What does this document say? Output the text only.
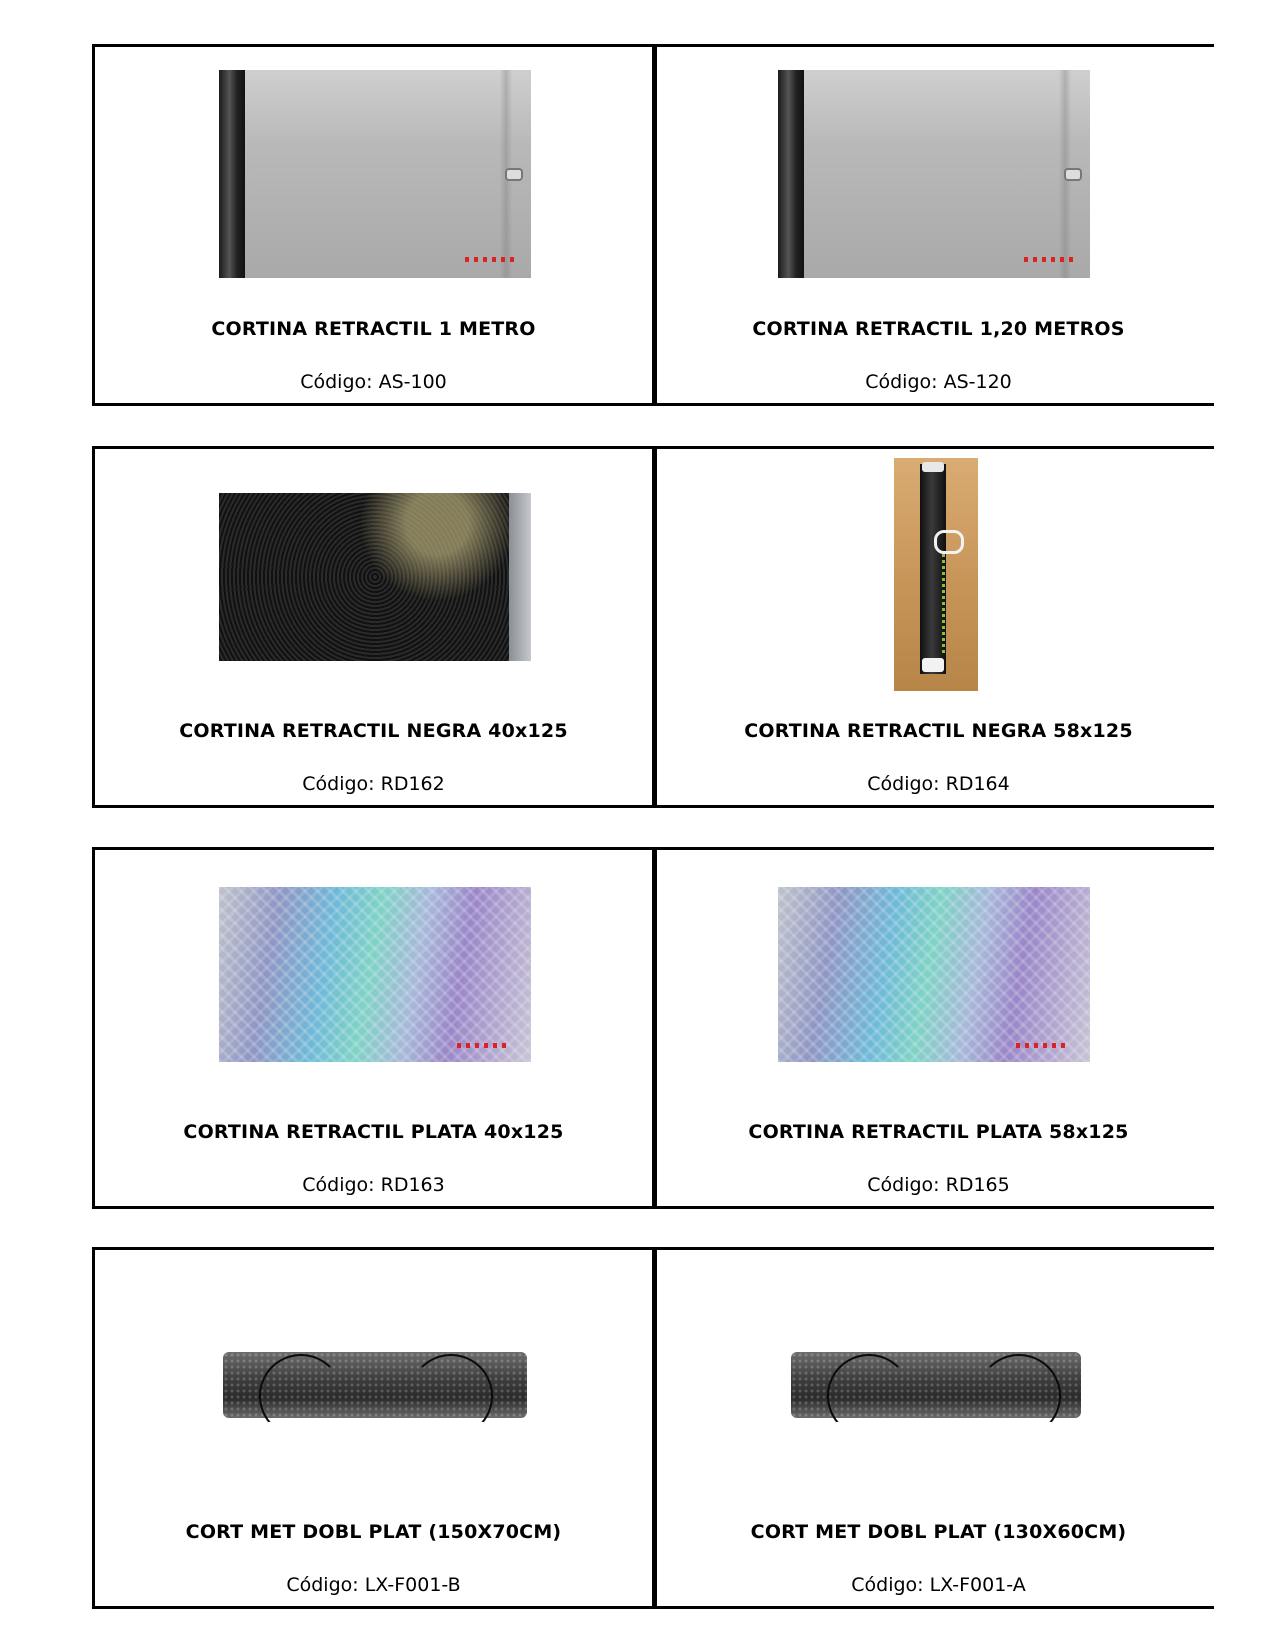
CORTINA RETRACTIL 1 METRO
Código: AS-100
CORTINA RETRACTIL 1,20 METROS
Código: AS-120
CORTINA RETRACTIL NEGRA 40x125
Código: RD162
CORTINA RETRACTIL NEGRA 58x125
Código: RD164
CORTINA RETRACTIL PLATA 40x125
Código: RD163
CORTINA RETRACTIL PLATA 58x125
Código: RD165
CORT MET DOBL PLAT (150X70CM)
Código: LX-F001-B
CORT MET DOBL PLAT (130X60CM)
Código: LX-F001-A
